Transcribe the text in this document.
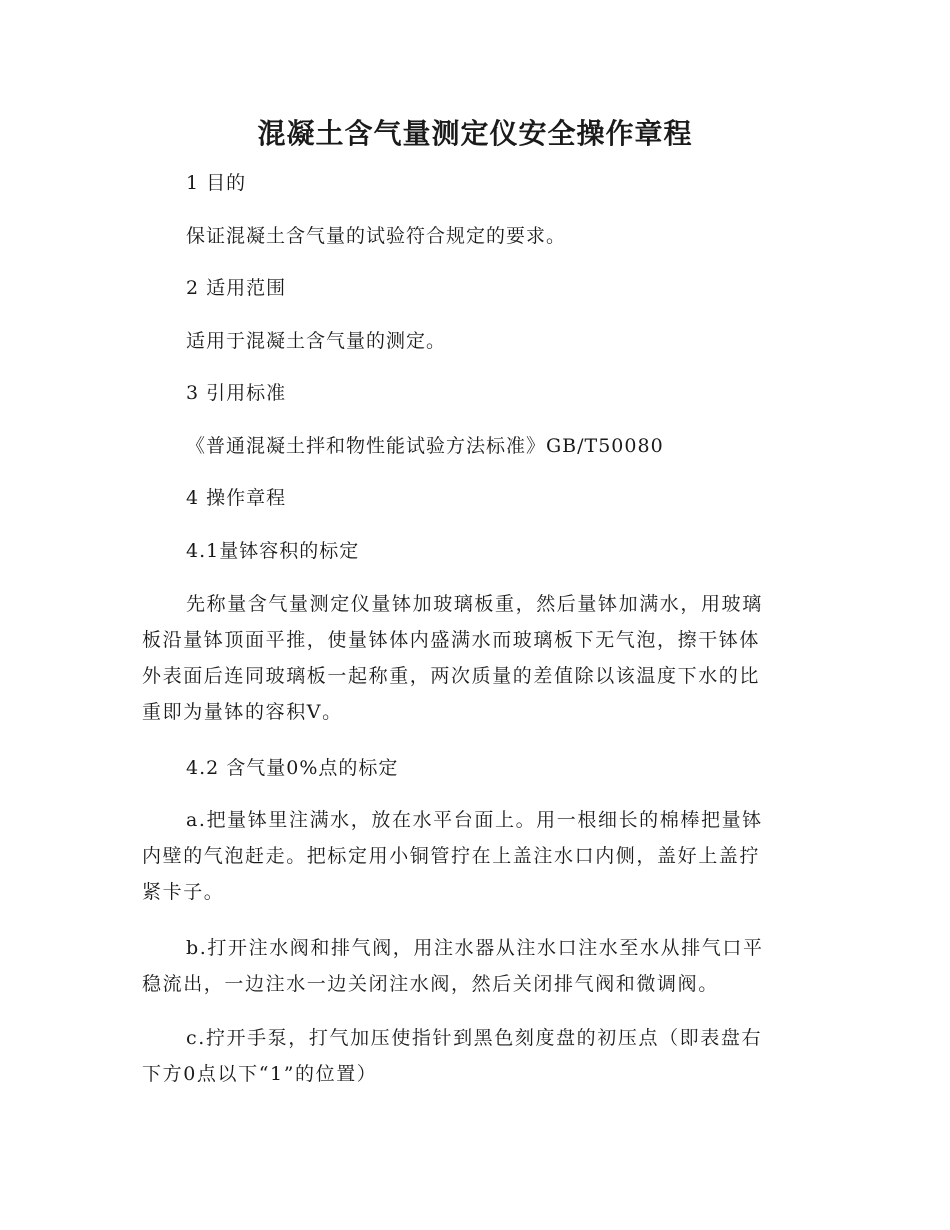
混凝土含气量测定仪安全操作章程

1 目的

保证混凝土含气量的试验符合规定的要求。

2 适用范围

适用于混凝土含气量的测定。

3 引用标准

《普通混凝土拌和物性能试验方法标准》GB/T50080

4 操作章程

4.1量钵容积的标定

先称量含气量测定仪量钵加玻璃板重，然后量钵加满水，用玻璃
板沿量钵顶面平推，使量钵体内盛满水而玻璃板下无气泡，擦干钵体
外表面后连同玻璃板一起称重，两次质量的差值除以该温度下水的比
重即为量钵的容积V。

4.2 含气量0%点的标定

a.把量钵里注满水，放在水平台面上。用一根细长的棉棒把量钵
内壁的气泡赶走。把标定用小铜管拧在上盖注水口内侧，盖好上盖拧
紧卡子。
b.打开注水阀和排气阀，用注水器从注水口注水至水从排气口平
稳流出，一边注水一边关闭注水阀，然后关闭排气阀和微调阀。
c.拧开手泵，打气加压使指针到黑色刻度盘的初压点（即表盘右
下方0点以下“1”的位置）
